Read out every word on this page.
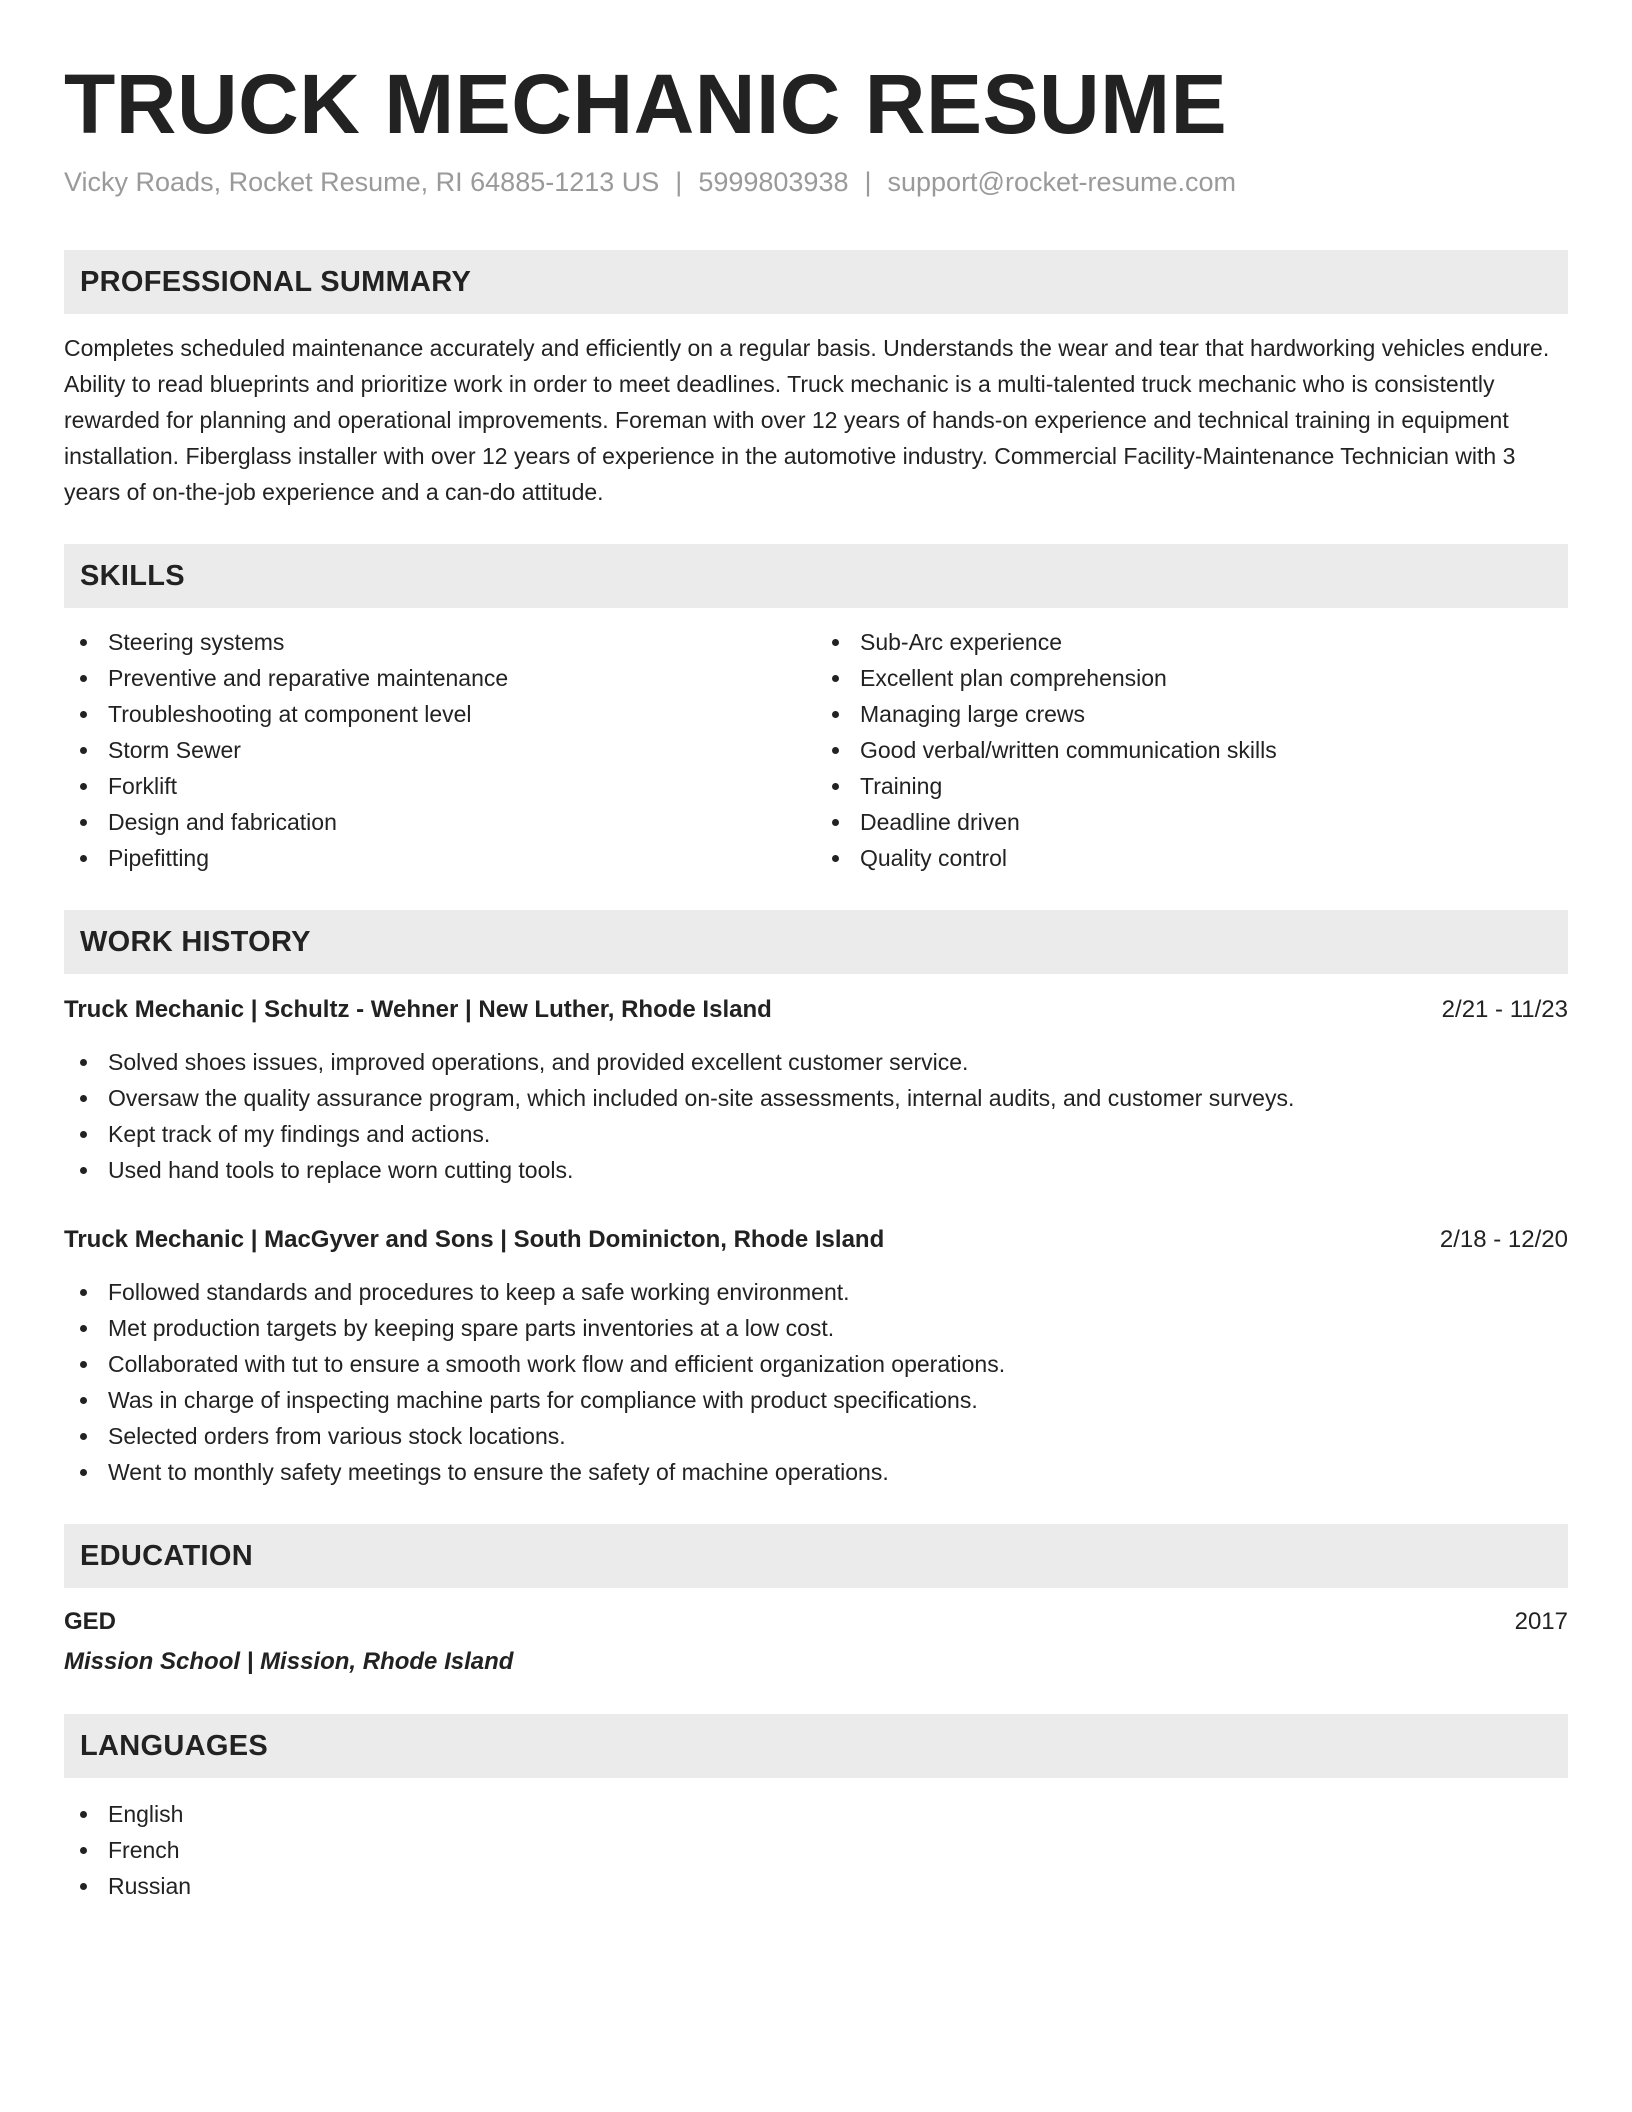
TRUCK MECHANIC RESUME
Vicky Roads, Rocket Resume, RI 64885-1213 US | 5999803938 | support@rocket-resume.com
PROFESSIONAL SUMMARY
Completes scheduled maintenance accurately and efficiently on a regular basis. Understands the wear and tear that hardworking vehicles endure. Ability to read blueprints and prioritize work in order to meet deadlines. Truck mechanic is a multi-talented truck mechanic who is consistently rewarded for planning and operational improvements. Foreman with over 12 years of hands-on experience and technical training in equipment installation. Fiberglass installer with over 12 years of experience in the automotive industry. Commercial Facility-Maintenance Technician with 3 years of on-the-job experience and a can-do attitude.
SKILLS
Steering systems
Preventive and reparative maintenance
Troubleshooting at component level
Storm Sewer
Forklift
Design and fabrication
Pipefitting
Sub-Arc experience
Excellent plan comprehension
Managing large crews
Good verbal/written communication skills
Training
Deadline driven
Quality control
WORK HISTORY
Truck Mechanic | Schultz - Wehner | New Luther, Rhode Island	2/21 - 11/23
Solved shoes issues, improved operations, and provided excellent customer service.
Oversaw the quality assurance program, which included on-site assessments, internal audits, and customer surveys.
Kept track of my findings and actions.
Used hand tools to replace worn cutting tools.
Truck Mechanic | MacGyver and Sons | South Dominicton, Rhode Island	2/18 - 12/20
Followed standards and procedures to keep a safe working environment.
Met production targets by keeping spare parts inventories at a low cost.
Collaborated with tut to ensure a smooth work flow and efficient organization operations.
Was in charge of inspecting machine parts for compliance with product specifications.
Selected orders from various stock locations.
Went to monthly safety meetings to ensure the safety of machine operations.
EDUCATION
GED	2017
Mission School | Mission, Rhode Island
LANGUAGES
English
French
Russian
